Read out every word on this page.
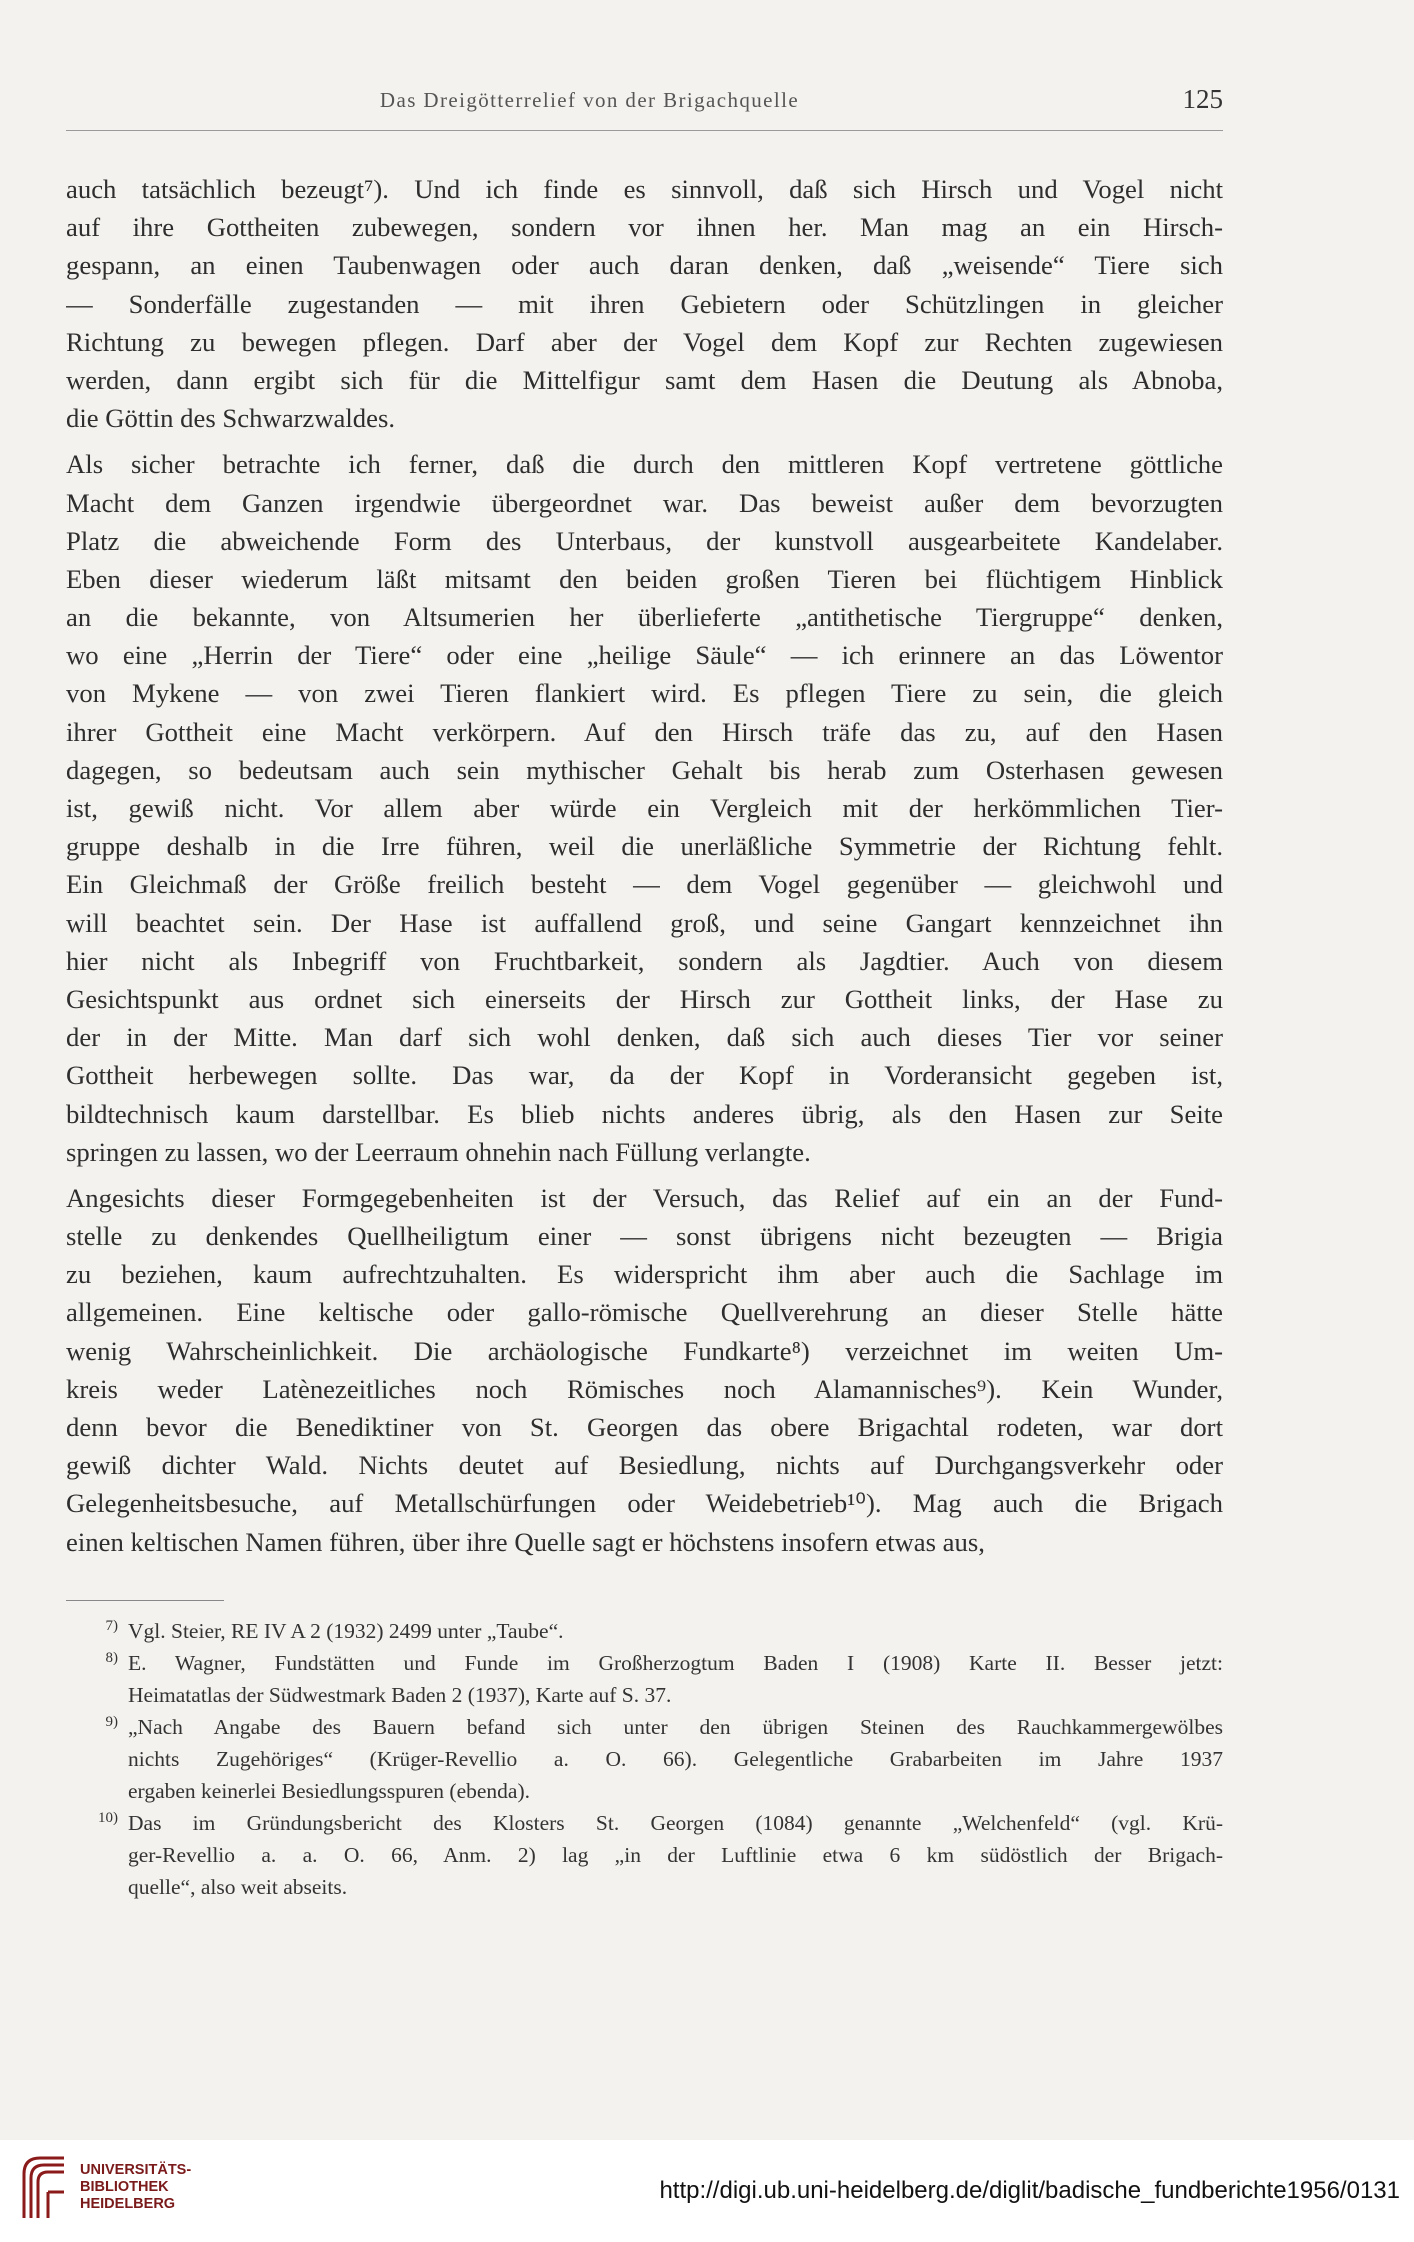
Das Dreigötterrelief von der Brigachquelle	125
auch tatsächlich bezeugt⁷). Und ich finde es sinnvoll, daß sich Hirsch und Vogel nicht
auf ihre Gottheiten zubewegen, sondern vor ihnen her. Man mag an ein Hirsch-
gespann, an einen Taubenwagen oder auch daran denken, daß „weisende“ Tiere sich
— Sonderfälle zugestanden — mit ihren Gebietern oder Schützlingen in gleicher
Richtung zu bewegen pflegen. Darf aber der Vogel dem Kopf zur Rechten zugewiesen
werden, dann ergibt sich für die Mittelfigur samt dem Hasen die Deutung als Abnoba,
die Göttin des Schwarzwaldes.
Als sicher betrachte ich ferner, daß die durch den mittleren Kopf vertretene göttliche
Macht dem Ganzen irgendwie übergeordnet war. Das beweist außer dem bevorzugten
Platz die abweichende Form des Unterbaus, der kunstvoll ausgearbeitete Kandelaber.
Eben dieser wiederum läßt mitsamt den beiden großen Tieren bei flüchtigem Hinblick
an die bekannte, von Altsumerien her überlieferte „antithetische Tiergruppe“ denken,
wo eine „Herrin der Tiere“ oder eine „heilige Säule“ — ich erinnere an das Löwentor
von Mykene — von zwei Tieren flankiert wird. Es pflegen Tiere zu sein, die gleich
ihrer Gottheit eine Macht verkörpern. Auf den Hirsch träfe das zu, auf den Hasen
dagegen, so bedeutsam auch sein mythischer Gehalt bis herab zum Osterhasen gewesen
ist, gewiß nicht. Vor allem aber würde ein Vergleich mit der herkömmlichen Tier-
gruppe deshalb in die Irre führen, weil die unerläßliche Symmetrie der Richtung fehlt.
Ein Gleichmaß der Größe freilich besteht — dem Vogel gegenüber — gleichwohl und
will beachtet sein. Der Hase ist auffallend groß, und seine Gangart kennzeichnet ihn
hier nicht als Inbegriff von Fruchtbarkeit, sondern als Jagdtier. Auch von diesem
Gesichtspunkt aus ordnet sich einerseits der Hirsch zur Gottheit links, der Hase zu
der in der Mitte. Man darf sich wohl denken, daß sich auch dieses Tier vor seiner
Gottheit herbewegen sollte. Das war, da der Kopf in Vorderansicht gegeben ist,
bildtechnisch kaum darstellbar. Es blieb nichts anderes übrig, als den Hasen zur Seite
springen zu lassen, wo der Leerraum ohnehin nach Füllung verlangte.
Angesichts dieser Formgegebenheiten ist der Versuch, das Relief auf ein an der Fund-
stelle zu denkendes Quellheiligtum einer — sonst übrigens nicht bezeugten — Brigia
zu beziehen, kaum aufrechtzuhalten. Es widerspricht ihm aber auch die Sachlage im
allgemeinen. Eine keltische oder gallo-römische Quellverehrung an dieser Stelle hätte
wenig Wahrscheinlichkeit. Die archäologische Fundkarte⁸) verzeichnet im weiten Um-
kreis weder Latènezeitliches noch Römisches noch Alamannisches⁹). Kein Wunder,
denn bevor die Benediktiner von St. Georgen das obere Brigachtal rodeten, war dort
gewiß dichter Wald. Nichts deutet auf Besiedlung, nichts auf Durchgangsverkehr oder
Gelegenheitsbesuche, auf Metallschürfungen oder Weidebetrieb¹⁰). Mag auch die Brigach
einen keltischen Namen führen, über ihre Quelle sagt er höchstens insofern etwas aus,
7) Vgl. Steier, RE IV A 2 (1932) 2499 unter „Taube“.
8) E. Wagner, Fundstätten und Funde im Großherzogtum Baden I (1908) Karte II. Besser jetzt:
Heimatatlas der Südwestmark Baden 2 (1937), Karte auf S. 37.
9) „Nach Angabe des Bauern befand sich unter den übrigen Steinen des Rauchkammergewölbes
nichts Zugehöriges“ (Krüger-Revellio a. O. 66). Gelegentliche Grabarbeiten im Jahre 1937
ergaben keinerlei Besiedlungsspuren (ebenda).
10) Das im Gründungsbericht des Klosters St. Georgen (1084) genannte „Welchenfeld“ (vgl. Krü-
ger-Revellio a. a. O. 66, Anm. 2) lag „in der Luftlinie etwa 6 km südöstlich der Brigach-
quelle“, also weit abseits.
UNIVERSITÄTS-
BIBLIOTHEK
HEIDELBERG	http://digi.ub.uni-heidelberg.de/diglit/badische_fundberichte1956/0131
